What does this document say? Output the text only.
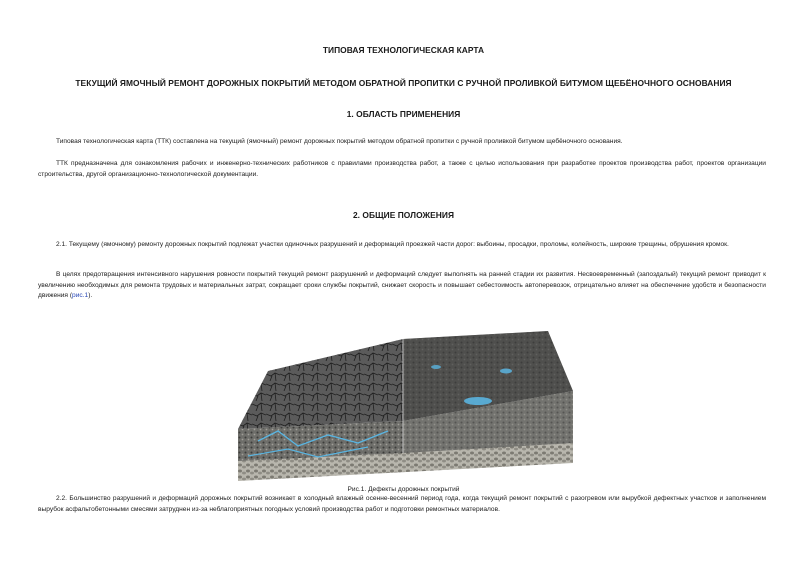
ТИПОВАЯ ТЕХНОЛОГИЧЕСКАЯ КАРТА
ТЕКУЩИЙ ЯМОЧНЫЙ РЕМОНТ ДОРОЖНЫХ ПОКРЫТИЙ МЕТОДОМ ОБРАТНОЙ ПРОПИТКИ С РУЧНОЙ ПРОЛИВКОЙ БИТУМОМ ЩЕБЁНОЧНОГО ОСНОВАНИЯ
1. ОБЛАСТЬ ПРИМЕНЕНИЯ

Типовая технологическая карта (ТТК) составлена на текущий (ямочный) ремонт дорожных покрытий методом обратной пропитки с ручной проливкой битумом щебёночного основания.

ТТК предназначена для ознакомления рабочих и инженерно-технических работников с правилами производства работ, а также с целью использования при разработке проектов производства работ, проектов организации строительства, другой организационно-технологической документации.

2. ОБЩИЕ ПОЛОЖЕНИЯ

2.1. Текущему (ямочному) ремонту дорожных покрытий подлежат участки одиночных разрушений и деформаций проезжей части дорог: выбоины, просадки, проломы, колейность, широкие трещины, обрушения кромок.

В целях предотвращения интенсивного нарушения ровности покрытий текущий ремонт разрушений и деформаций следует выполнять на ранней стадии их развития. Несвоевременный (запоздалый) текущий ремонт приводит к увеличению необходимых для ремонта трудовых и материальных затрат, сокращает сроки службы покрытий, снижает скорость и повышает себестоимость автоперевозок, отрицательно влияет на обеспечение удобств и безопасности движения (рис.1).

Рис.1. Дефекты дорожных покрытий

2.2. Большинство разрушений и деформаций дорожных покрытий возникает в холодный влажный осенне-весенний период года, когда текущий ремонт покрытий с разогревом или вырубкой дефектных участков и заполнением вырубок асфальтобетонными смесями затруднен из-за неблагоприятных погодных условий производства работ и подготовки ремонтных материалов.
